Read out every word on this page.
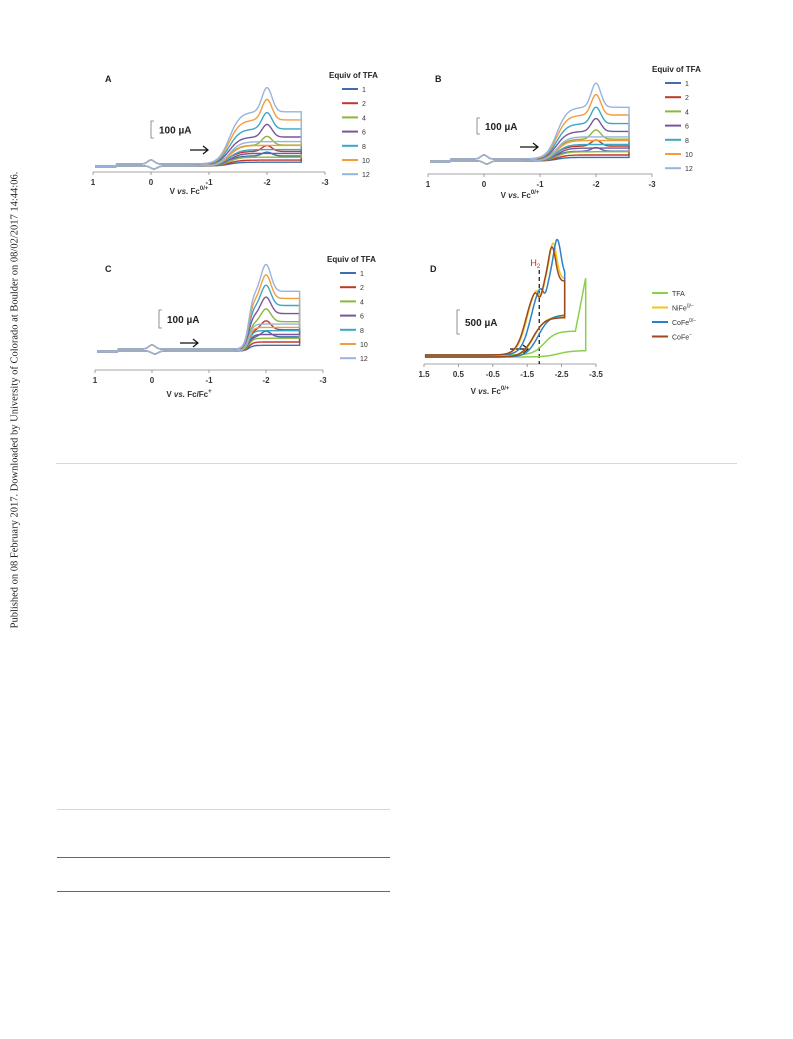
Published on 08 February 2017. Downloaded by University of Colorado at Boulder on 08/02/2017 14:44:06.
A
1	0	-1	-2	-3
V vs. $Fc^{0/+}$
100 µA
Equiv of TFA
1
2
4
6
8
10
12
B
1	0	-1	-2	-3
V vs. $Fc^{0/+}$
100 µA
Equiv of TFA
1
2
4
6
8
10
12
C
1	0	-1	-2	-3
V vs. Fc/Fc+
100 µA
Equiv of TFA
1
2
4
6
8
10
12
D
1.5	0.5	-0.5	-1.5	-2.5	-3.5
V vs. $Fc^{0/+}$
500 µA
$H_2$
TFA
NiFe$^{0/-}$
CoFe$^{0/-}$
CoFe−
